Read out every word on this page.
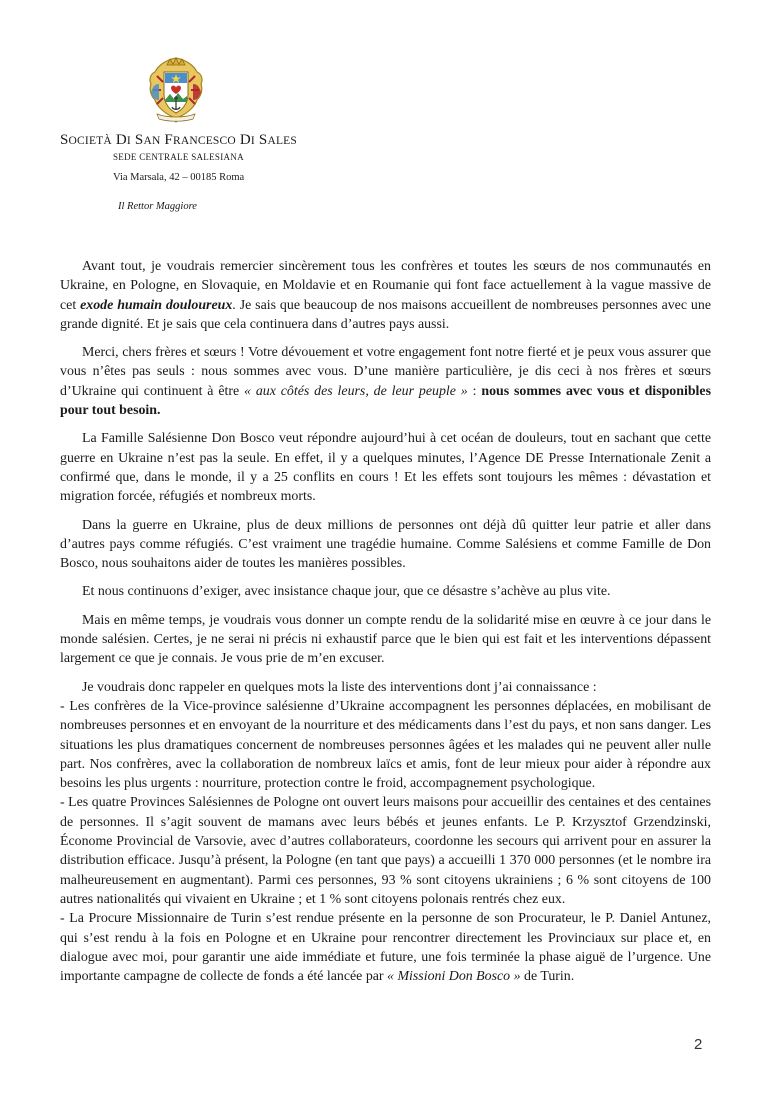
SOCIETÀ DI SAN FRANCESCO DI SALES

SEDE CENTRALE SALESIANA

Via Marsala, 42 – 00185 Roma

Il Rettor Maggiore

Avant tout, je voudrais remercier sincèrement tous les confrères et toutes les sœurs de nos communautés en Ukraine, en Pologne, en Slovaquie, en Moldavie et en Roumanie qui font face actuellement à la vague massive de cet exode humain douloureux. Je sais que beaucoup de nos maisons accueillent de nombreuses personnes avec une grande dignité. Et je sais que cela continuera dans d’autres pays aussi.

Merci, chers frères et sœurs ! Votre dévouement et votre engagement font notre fierté et je peux vous assurer que vous n’êtes pas seuls : nous sommes avec vous. D’une manière particulière, je dis ceci à nos frères et sœurs d’Ukraine qui continuent à être « aux côtés des leurs, de leur peuple » : nous sommes avec vous et disponibles pour tout besoin.

La Famille Salésienne Don Bosco veut répondre aujourd’hui à cet océan de douleurs, tout en sachant que cette guerre en Ukraine n’est pas la seule. En effet, il y a quelques minutes, l’Agence DE Presse Internationale Zenit a confirmé que, dans le monde, il y a 25 conflits en cours ! Et les effets sont toujours les mêmes : dévastation et migration forcée, réfugiés et nombreux morts.

Dans la guerre en Ukraine, plus de deux millions de personnes ont déjà dû quitter leur patrie et aller dans d’autres pays comme réfugiés. C’est vraiment une tragédie humaine. Comme Salésiens et comme Famille de Don Bosco, nous souhaitons aider de toutes les manières possibles.

Et nous continuons d’exiger, avec insistance chaque jour, que ce désastre s’achève au plus vite.

Mais en même temps, je voudrais vous donner un compte rendu de la solidarité mise en œuvre à ce jour dans le monde salésien. Certes, je ne serai ni précis ni exhaustif parce que le bien qui est fait et les interventions dépassent largement ce que je connais. Je vous prie de m’en excuser.

Je voudrais donc rappeler en quelques mots la liste des interventions dont j’ai connaissance :

- Les confrères de la Vice-province salésienne d’Ukraine accompagnent les personnes déplacées, en mobilisant de nombreuses personnes et en envoyant de la nourriture et des médicaments dans l’est du pays, et non sans danger. Les situations les plus dramatiques concernent de nombreuses personnes âgées et les malades qui ne peuvent aller nulle part. Nos confrères, avec la collaboration de nombreux laïcs et amis, font de leur mieux pour aider à répondre aux besoins les plus urgents : nourriture, protection contre le froid, accompagnement psychologique.

- Les quatre Provinces Salésiennes de Pologne ont ouvert leurs maisons pour accueillir des centaines et des centaines de personnes. Il s’agit souvent de mamans avec leurs bébés et jeunes enfants. Le P. Krzysztof Grzendzinski, Économe Provincial de Varsovie, avec d’autres collaborateurs, coordonne les secours qui arrivent pour en assurer la distribution efficace. Jusqu’à présent, la Pologne (en tant que pays) a accueilli 1 370 000 personnes (et le nombre ira malheureusement en augmentant). Parmi ces personnes, 93 % sont citoyens ukrainiens ; 6 % sont citoyens de 100 autres nationalités qui vivaient en Ukraine ; et 1 % sont citoyens polonais rentrés chez eux.

- La Procure Missionnaire de Turin s’est rendue présente en la personne de son Procurateur, le P. Daniel Antunez, qui s’est rendu à la fois en Pologne et en Ukraine pour rencontrer directement les Provinciaux sur place et, en dialogue avec moi, pour garantir une aide immédiate et future, une fois terminée la phase aiguë de l’urgence. Une importante campagne de collecte de fonds a été lancée par « Missioni Don Bosco » de Turin.

2
